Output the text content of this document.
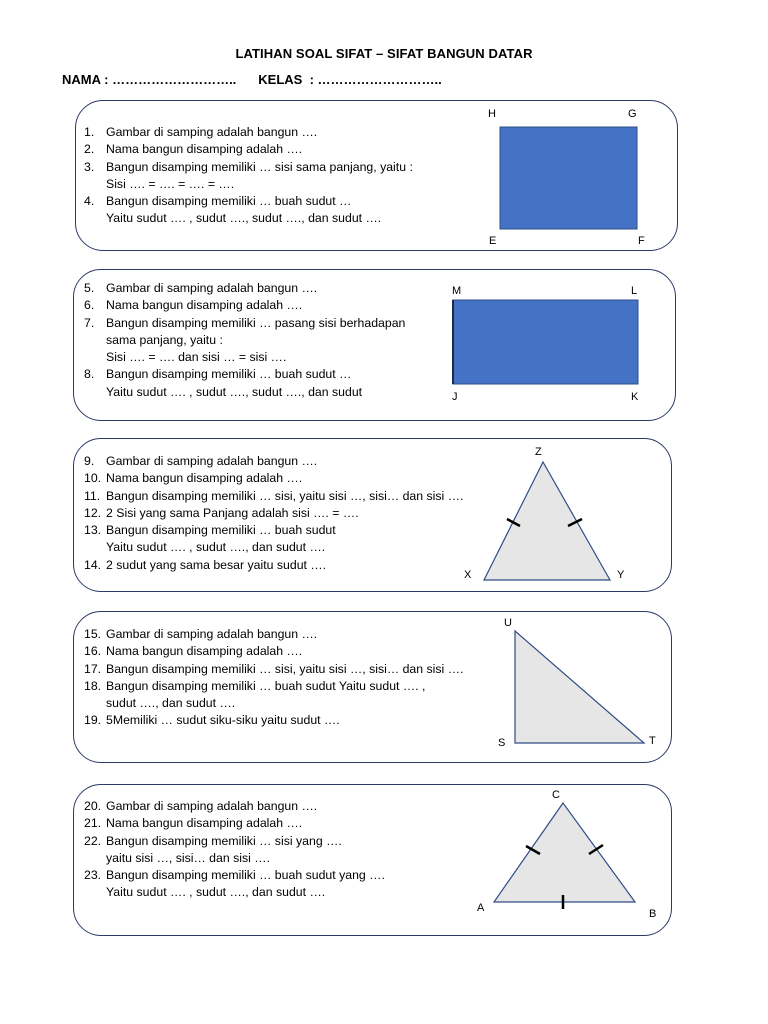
LATIHAN SOAL SIFAT – SIFAT BANGUN DATAR
NAMA : ……………………….. KELAS  : ………………………..
1. Gambar di samping adalah bangun ….
2. Nama bangun disamping adalah ….
3. Bangun disamping memiliki … sisi sama panjang, yaitu :
Sisi …. = …. = …. = ….
4. Bangun disamping memiliki … buah sudut …
Yaitu sudut …. , sudut …., sudut …., dan sudut ….
H	G
E	F
5. Gambar di samping adalah bangun ….
6. Nama bangun disamping adalah ….
7. Bangun disamping memiliki … pasang sisi berhadapan
sama panjang, yaitu :
Sisi …. = …. dan sisi … = sisi ….
8. Bangun disamping memiliki … buah sudut …
Yaitu sudut …. , sudut …., sudut …., dan sudut
M	L
J	K
9. Gambar di samping adalah bangun ….
10. Nama bangun disamping adalah ….
11. Bangun disamping memiliki … sisi, yaitu sisi …, sisi… dan sisi ….
12. 2 Sisi yang sama Panjang adalah sisi …. = ….
13. Bangun disamping memiliki … buah sudut
Yaitu sudut …. , sudut …., dan sudut ….
14. 2 sudut yang sama besar yaitu sudut ….
Z
X	Y
15. Gambar di samping adalah bangun ….
16. Nama bangun disamping adalah ….
17. Bangun disamping memiliki … sisi, yaitu sisi …, sisi… dan sisi ….
18. Bangun disamping memiliki … buah sudut Yaitu sudut …. ,
sudut …., dan sudut ….
19. 5Memiliki … sudut siku-siku yaitu sudut ….
U
S	T
20. Gambar di samping adalah bangun ….
21. Nama bangun disamping adalah ….
22. Bangun disamping memiliki … sisi yang ….
yaitu sisi …, sisi… dan sisi ….
23. Bangun disamping memiliki … buah sudut yang ….
Yaitu sudut …. , sudut …., dan sudut ….
C
A	B
